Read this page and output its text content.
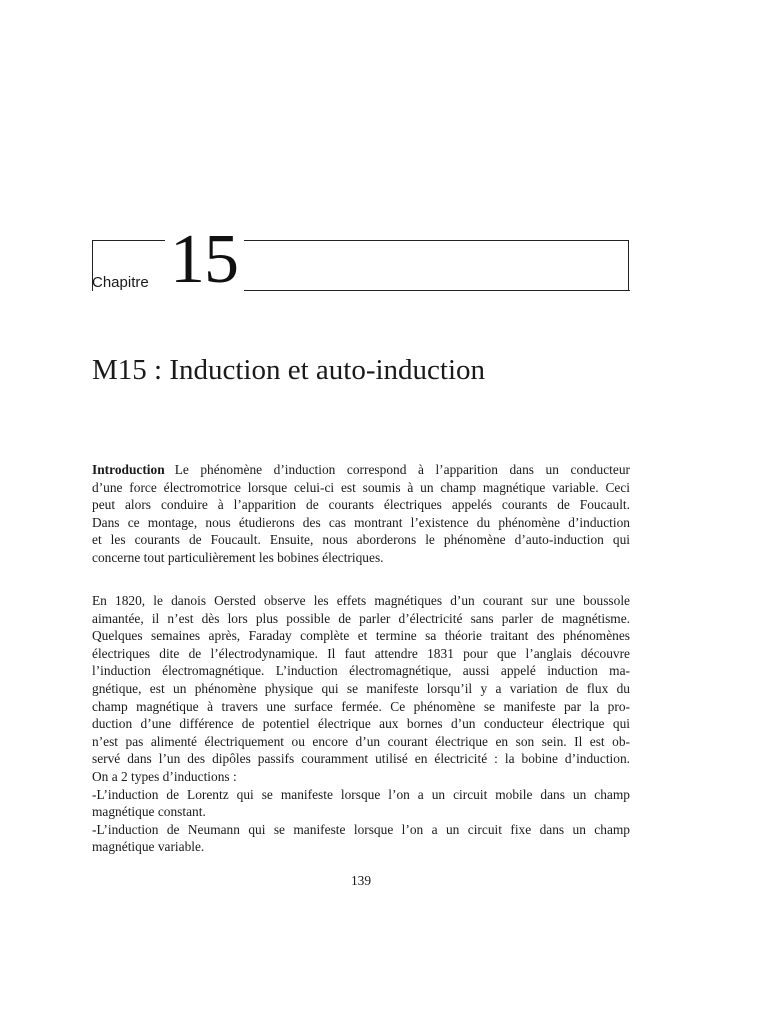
Chapitre 15
M15 : Induction et auto-induction
Introduction Le phénomène d’induction correspond à l’apparition dans un conducteur
d’une force électromotrice lorsque celui-ci est soumis à un champ magnétique variable. Ceci
peut alors conduire à l’apparition de courants électriques appelés courants de Foucault.
Dans ce montage, nous étudierons des cas montrant l’existence du phénomène d’induction
et les courants de Foucault. Ensuite, nous aborderons le phénomène d’auto-induction qui
concerne tout particulièrement les bobines électriques.
En 1820, le danois Oersted observe les effets magnétiques d’un courant sur une boussole
aimantée, il n’est dès lors plus possible de parler d’électricité sans parler de magnétisme.
Quelques semaines après, Faraday complète et termine sa théorie traitant des phénomènes
électriques dite de l’électrodynamique. Il faut attendre 1831 pour que l’anglais découvre
l’induction électromagnétique. L’induction électromagnétique, aussi appelé induction ma-
gnétique, est un phénomène physique qui se manifeste lorsqu’il y a variation de flux du
champ magnétique à travers une surface fermée. Ce phénomène se manifeste par la pro-
duction d’une différence de potentiel électrique aux bornes d’un conducteur électrique qui
n’est pas alimenté électriquement ou encore d’un courant électrique en son sein. Il est ob-
servé dans l’un des dipôles passifs couramment utilisé en électricité : la bobine d’induction.
On a 2 types d’inductions :
-L’induction de Lorentz qui se manifeste lorsque l’on a un circuit mobile dans un champ
magnétique constant.
-L’induction de Neumann qui se manifeste lorsque l’on a un circuit fixe dans un champ
magnétique variable.
139
